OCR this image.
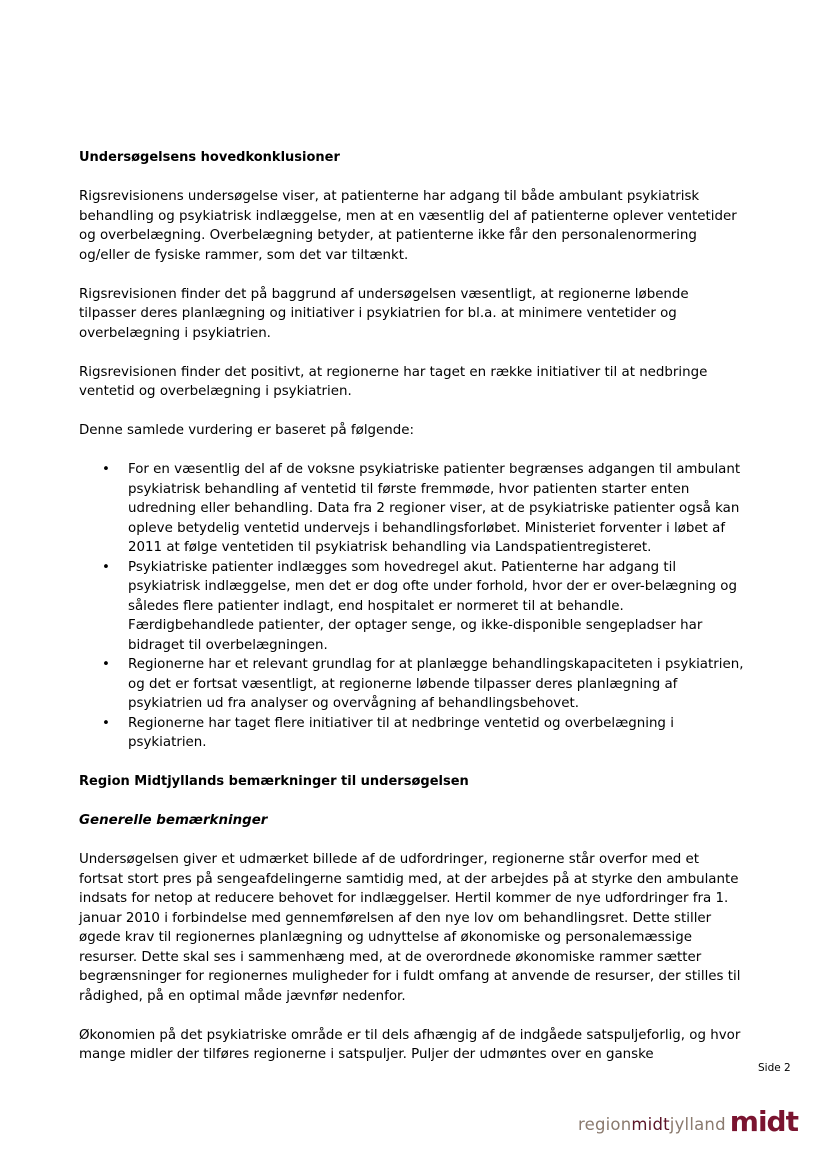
Undersøgelsens hovedkonklusioner

Rigsrevisionens undersøgelse viser, at patienterne har adgang til både ambulant psykiatrisk behandling og psykiatrisk indlæggelse, men at en væsentlig del af patienterne oplever ventetider og overbelægning. Overbelægning betyder, at patienterne ikke får den personalenormering og/eller de fysiske rammer, som det var tiltænkt.

Rigsrevisionen finder det på baggrund af undersøgelsen væsentligt, at regionerne løbende tilpasser deres planlægning og initiativer i psykiatrien for bl.a. at minimere ventetider og overbelægning i psykiatrien.

Rigsrevisionen finder det positivt, at regionerne har taget en række initiativer til at nedbringe ventetid og overbelægning i psykiatrien.

Denne samlede vurdering er baseret på følgende:

• For en væsentlig del af de voksne psykiatriske patienter begrænses adgangen til ambulant psykiatrisk behandling af ventetid til første fremmøde, hvor patienten starter enten udredning eller behandling. Data fra 2 regioner viser, at de psykiatriske patienter også kan opleve betydelig ventetid undervejs i behandlingsforløbet. Ministeriet forventer i løbet af 2011 at følge ventetiden til psykiatrisk behandling via Landspatientregisteret.
• Psykiatriske patienter indlægges som hovedregel akut. Patienterne har adgang til psykiatrisk indlæggelse, men det er dog ofte under forhold, hvor der er over-belægning og således flere patienter indlagt, end hospitalet er normeret til at behandle. Færdigbehandlede patienter, der optager senge, og ikke-disponible sengepladser har bidraget til overbelægningen.
• Regionerne har et relevant grundlag for at planlægge behandlingskapaciteten i psykiatrien, og det er fortsat væsentligt, at regionerne løbende tilpasser deres planlægning af psykiatrien ud fra analyser og overvågning af behandlingsbehovet.
• Regionerne har taget flere initiativer til at nedbringe ventetid og overbelægning i psykiatrien.

Region Midtjyllands bemærkninger til undersøgelsen

Generelle bemærkninger

Undersøgelsen giver et udmærket billede af de udfordringer, regionerne står overfor med et fortsat stort pres på sengeafdelingerne samtidig med, at der arbejdes på at styrke den ambulante indsats for netop at reducere behovet for indlæggelser. Hertil kommer de nye udfordringer fra 1. januar 2010 i forbindelse med gennemførelsen af den nye lov om behandlingsret. Dette stiller øgede krav til regionernes planlægning og udnyttelse af økonomiske og personalemæssige resurser. Dette skal ses i sammenhæng med, at de overordnede økonomiske rammer sætter begrænsninger for regionernes muligheder for i fuldt omfang at anvende de resurser, der stilles til rådighed, på en optimal måde jævnfør nedenfor.

Økonomien på det psykiatriske område er til dels afhængig af de indgåede satspuljeforlig, og hvor mange midler der tilføres regionerne i satspuljer. Puljer der udmøntes over en ganske

Side 2
regionmidtjylland midt
